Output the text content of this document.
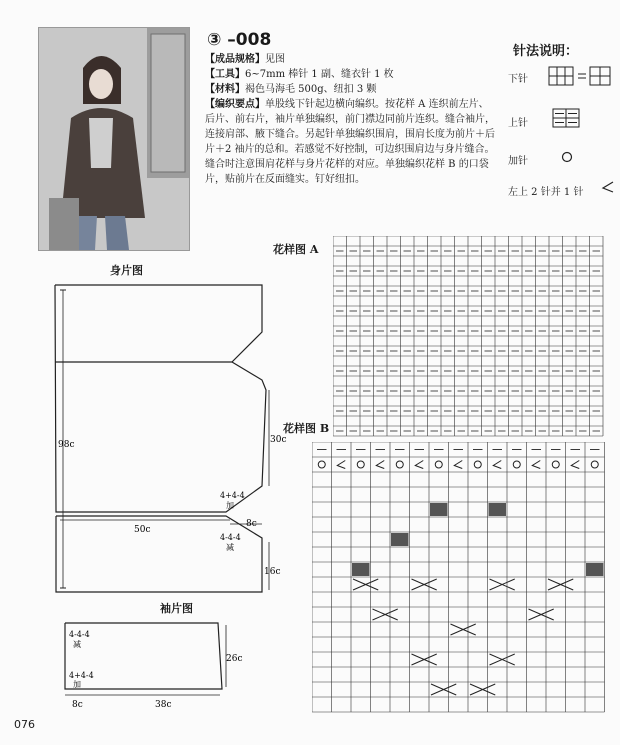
③ –008

【成品规格】见图

【工具】6~7mm 棒针 1 副、缝衣针 1 枚

【材料】褐色马海毛 500g、纽扣 3 颗

【编织要点】单股线下针起边横向编织。按花样 A 连织前左片、后片、前右片，袖片单独编织，前门襟边同前片连织。缝合袖片，连接肩部、腋下缝合。另起针单独编织围肩，围肩长度为前片＋后片＋2 袖片的总和。若感觉不好控制，可边织围肩边与身片缝合。缝合时注意围肩花样与身片花样的对应。单独编织花样 B 的口袋片，贴前片在反面缝实。钉好纽扣。

针法说明：
下针
上针
加针
左上 2 针并 1 针
身片图
98c
50c
30c
8c
16c
4+4-4
加
4-4-4
减
袖片图
26c
8c	38c
4-4-4
减
4+4-4
加
花样图 A
花样图 B
076
